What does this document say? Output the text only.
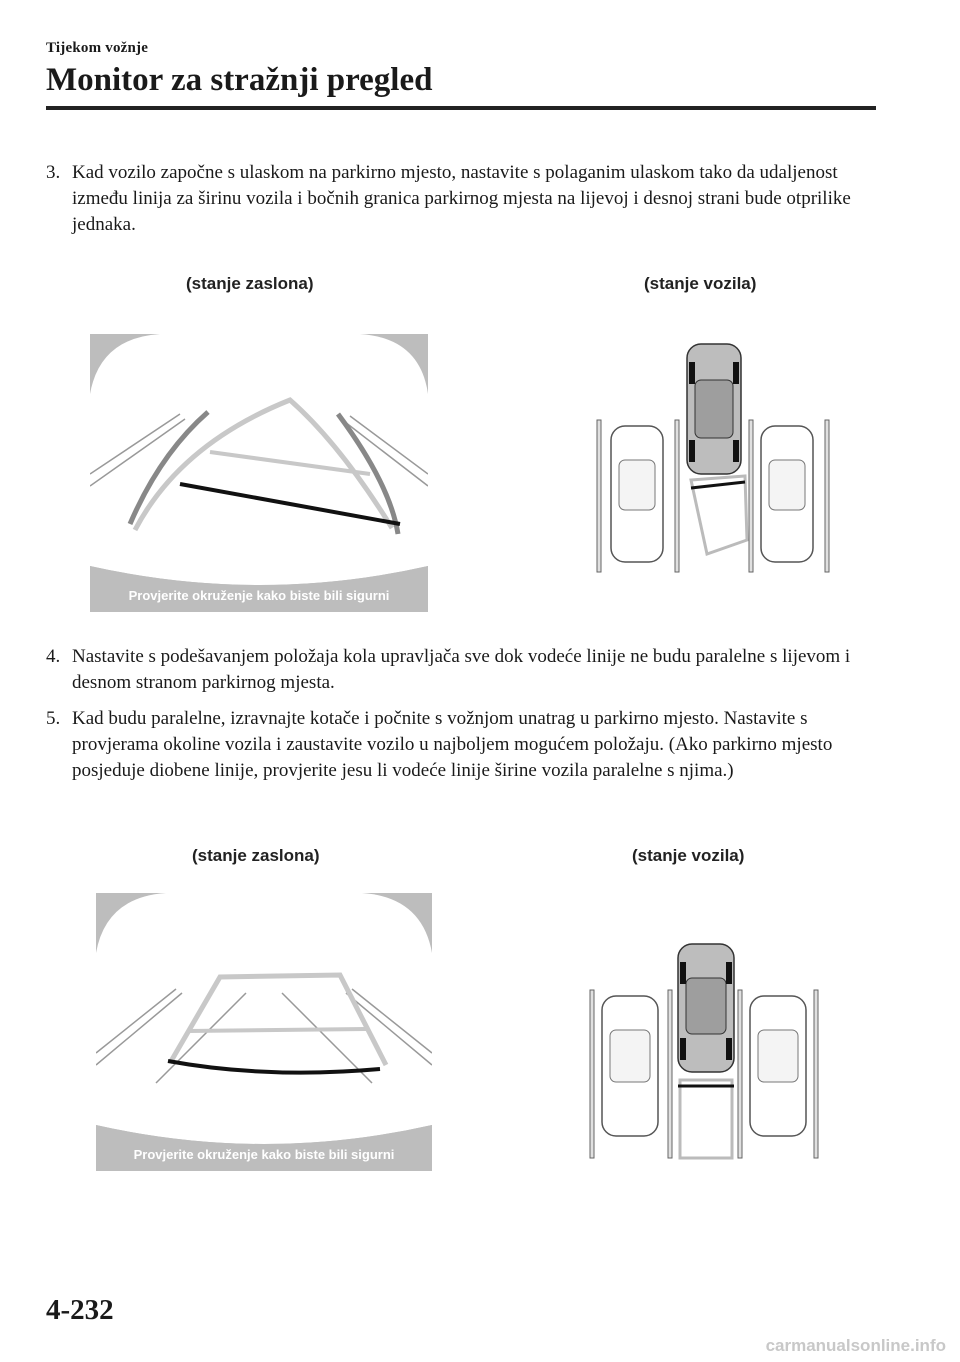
Tijekom vožnje
Monitor za stražnji pregled
3. Kad vozilo započne s ulaskom na parkirno mjesto, nastavite s polaganim ulaskom tako da udaljenost između linija za širinu vozila i bočnih granica parkirnog mjesta na lijevoj i desnoj strani bude otprilike jednaka.
(stanje zaslona)	(stanje vozila)
Provjerite okruženje kako biste bili sigurni
4. Nastavite s podešavanjem položaja kola upravljača sve dok vodeće linije ne budu paralelne s lijevom i desnom stranom parkirnog mjesta.
5. Kad budu paralelne, izravnajte kotače i počnite s vožnjom unatrag u parkirno mjesto. Nastavite s provjerama okoline vozila i zaustavite vozilo u najboljem mogućem položaju. (Ako parkirno mjesto posjeduje diobene linije, provjerite jesu li vodeće linije širine vozila paralelne s njima.)
(stanje zaslona)	(stanje vozila)
Provjerite okruženje kako biste bili sigurni
4-232
carmanualsonline.info
